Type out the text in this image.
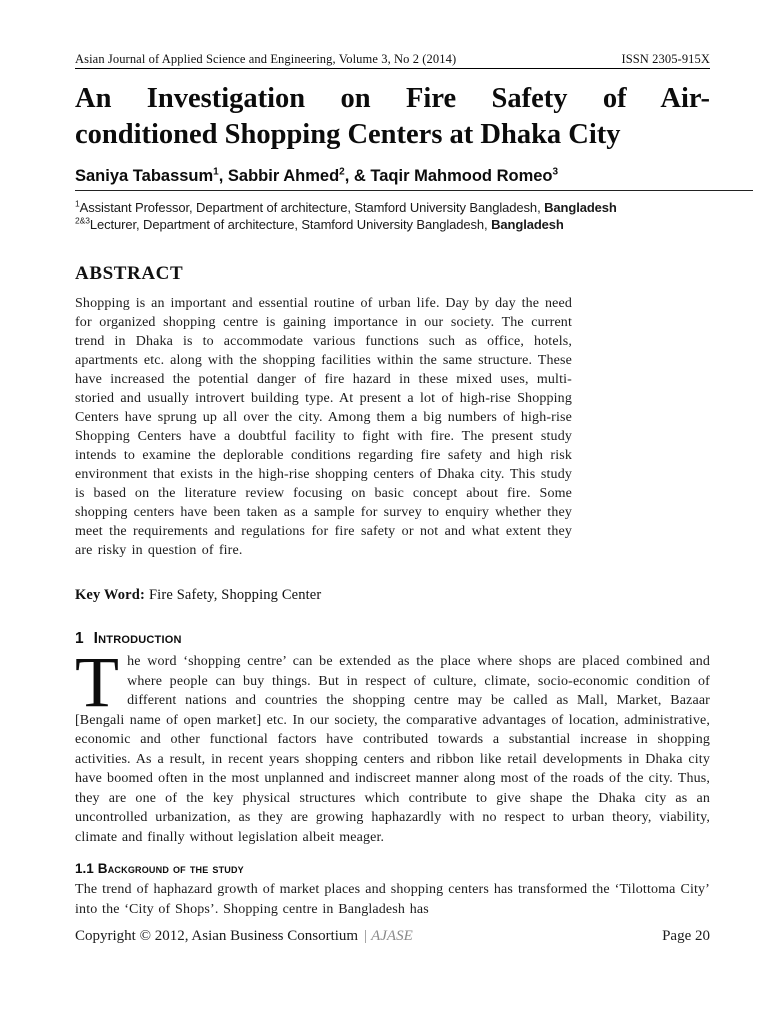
Asian Journal of Applied Science and Engineering, Volume 3, No 2 (2014)	ISSN 2305-915X
An Investigation on Fire Safety of Air-
conditioned Shopping Centers at Dhaka City
Saniya Tabassum$^1$, Sabbir Ahmed$^2$, & Taqir Mahmood Romeo$^3$
$^1$Assistant Professor, Department of architecture, Stamford University Bangladesh, Bangladesh
$^{2\&3}$Lecturer, Department of architecture, Stamford University Bangladesh, Bangladesh
ABSTRACT
Shopping is an important and essential routine of urban life. Day by day the need for organized shopping centre is gaining importance in our society. The current trend in Dhaka is to accommodate various functions such as office, hotels, apartments etc. along with the shopping facilities within the same structure. These have increased the potential danger of fire hazard in these mixed uses, multi-storied and usually introvert building type. At present a lot of high-rise Shopping Centers have sprung up all over the city. Among them a big numbers of high-rise Shopping Centers have a doubtful facility to fight with fire. The present study intends to examine the deplorable conditions regarding fire safety and high risk environment that exists in the high-rise shopping centers of Dhaka city. This study is based on the literature review focusing on basic concept about fire. Some shopping centers have been taken as a sample for survey to enquiry whether they meet the requirements and regulations for fire safety or not and what extent they are risky in question of fire.
Key Word: Fire Safety, Shopping Center
1 Introduction
The word ‘shopping centre’ can be extended as the place where shops are placed combined and where people can buy things. But in respect of culture, climate, socio-economic condition of different nations and countries the shopping centre may be called as Mall, Market, Bazaar [Bengali name of open market] etc. In our society, the comparative advantages of location, administrative, economic and other functional factors have contributed towards a substantial increase in shopping activities. As a result, in recent years shopping centers and ribbon like retail developments in Dhaka city have boomed often in the most unplanned and indiscreet manner along most of the roads of the city. Thus, they are one of the key physical structures which contribute to give shape the Dhaka city as an uncontrolled urbanization, as they are growing haphazardly with no respect to urban theory, viability, climate and finally without legislation albeit meager.
1.1 Background of the study
The trend of haphazard growth of market places and shopping centers has transformed the ‘Tilottoma City’ into the ‘City of Shops’. Shopping centre in Bangladesh has
Copyright © 2012, Asian Business Consortium | AJASE	Page 20
